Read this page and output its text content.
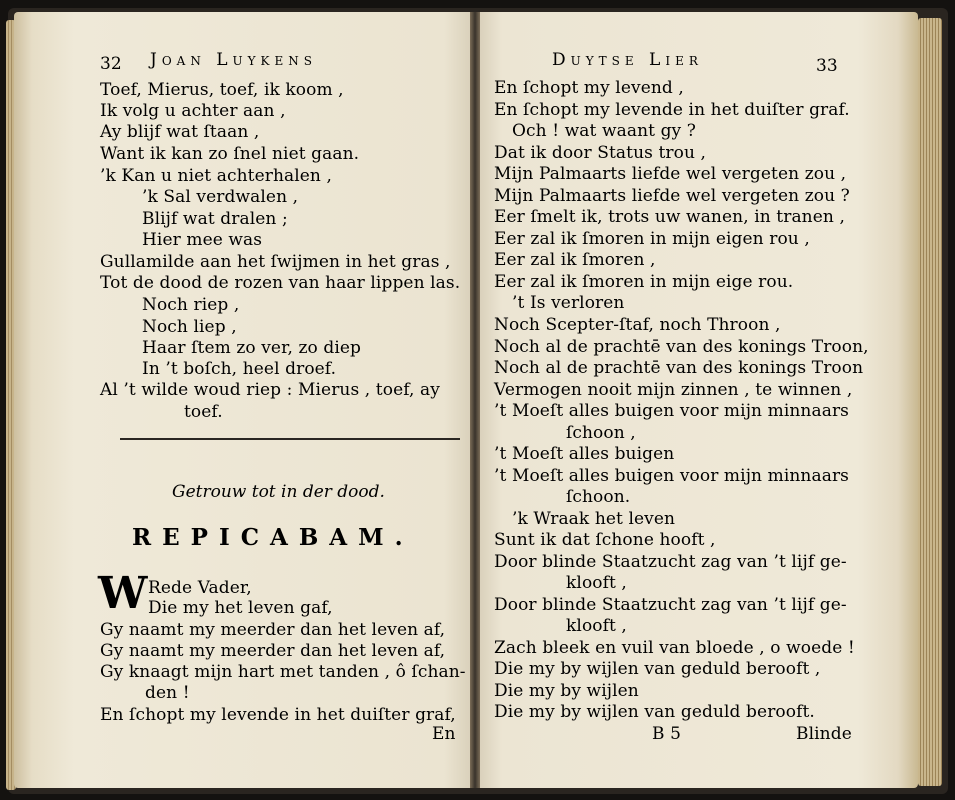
32 Joan Luykens
Toef, Mierus, toef, ik koom ,
Ik volg u achter aan ,
Ay blijf wat ſtaan ,
Want ik kan zo ſnel niet gaan.
’k Kan u niet achterhalen ,
’k Sal verdwalen ,
Blijf wat dralen ;
Hier mee was
Gullamilde aan het ſwijmen in het gras ,
Tot de dood de rozen van haar lippen las.
Noch riep ,
Noch liep ,
Haar ſtem zo ver, zo diep
In ’t boſch, heel droef.
Al ’t wilde woud riep : Mierus , toef, ay
toef.
Getrouw tot in der dood.
REPICABAM.
W Rede Vader,
Die my het leven gaf,
Gy naamt my meerder dan het leven af,
Gy naamt my meerder dan het leven af,
Gy knaagt mijn hart met tanden , ô ſchan-
den !
En ſchopt my levende in het duiſter graf,
En
Duytse Lier	33
En ſchopt my levend ,
En ſchopt my levende in het duiſter graf.
Och ! wat waant gy ?
Dat ik door Status trou ,
Mijn Palmaarts liefde wel vergeten zou ,
Mijn Palmaarts liefde wel vergeten zou ?
Eer ſmelt ik, trots uw wanen, in tranen ,
Eer zal ik ſmoren in mijn eigen rou ,
Eer zal ik ſmoren ,
Eer zal ik ſmoren in mijn eige rou.
’t Is verloren
Noch Scepter-ſtaf, noch Throon ,
Noch al de prachtē van des konings Troon,
Noch al de prachtē van des konings Troon
Vermogen nooit mijn zinnen , te winnen ,
’t Moeſt alles buigen voor mijn minnaars
ſchoon ,
’t Moeſt alles buigen
’t Moeſt alles buigen voor mijn minnaars
ſchoon.
’k Wraak het leven
Sunt ik dat ſchone hooft ,
Door blinde Staatzucht zag van ’t lijf ge-
klooft ,
Door blinde Staatzucht zag van ’t lijf ge-
klooft ,
Zach bleek en vuil van bloede , o woede !
Die my by wijlen van geduld berooft ,
Die my by wijlen
Die my by wijlen van geduld berooft.
B 5	Blinde
